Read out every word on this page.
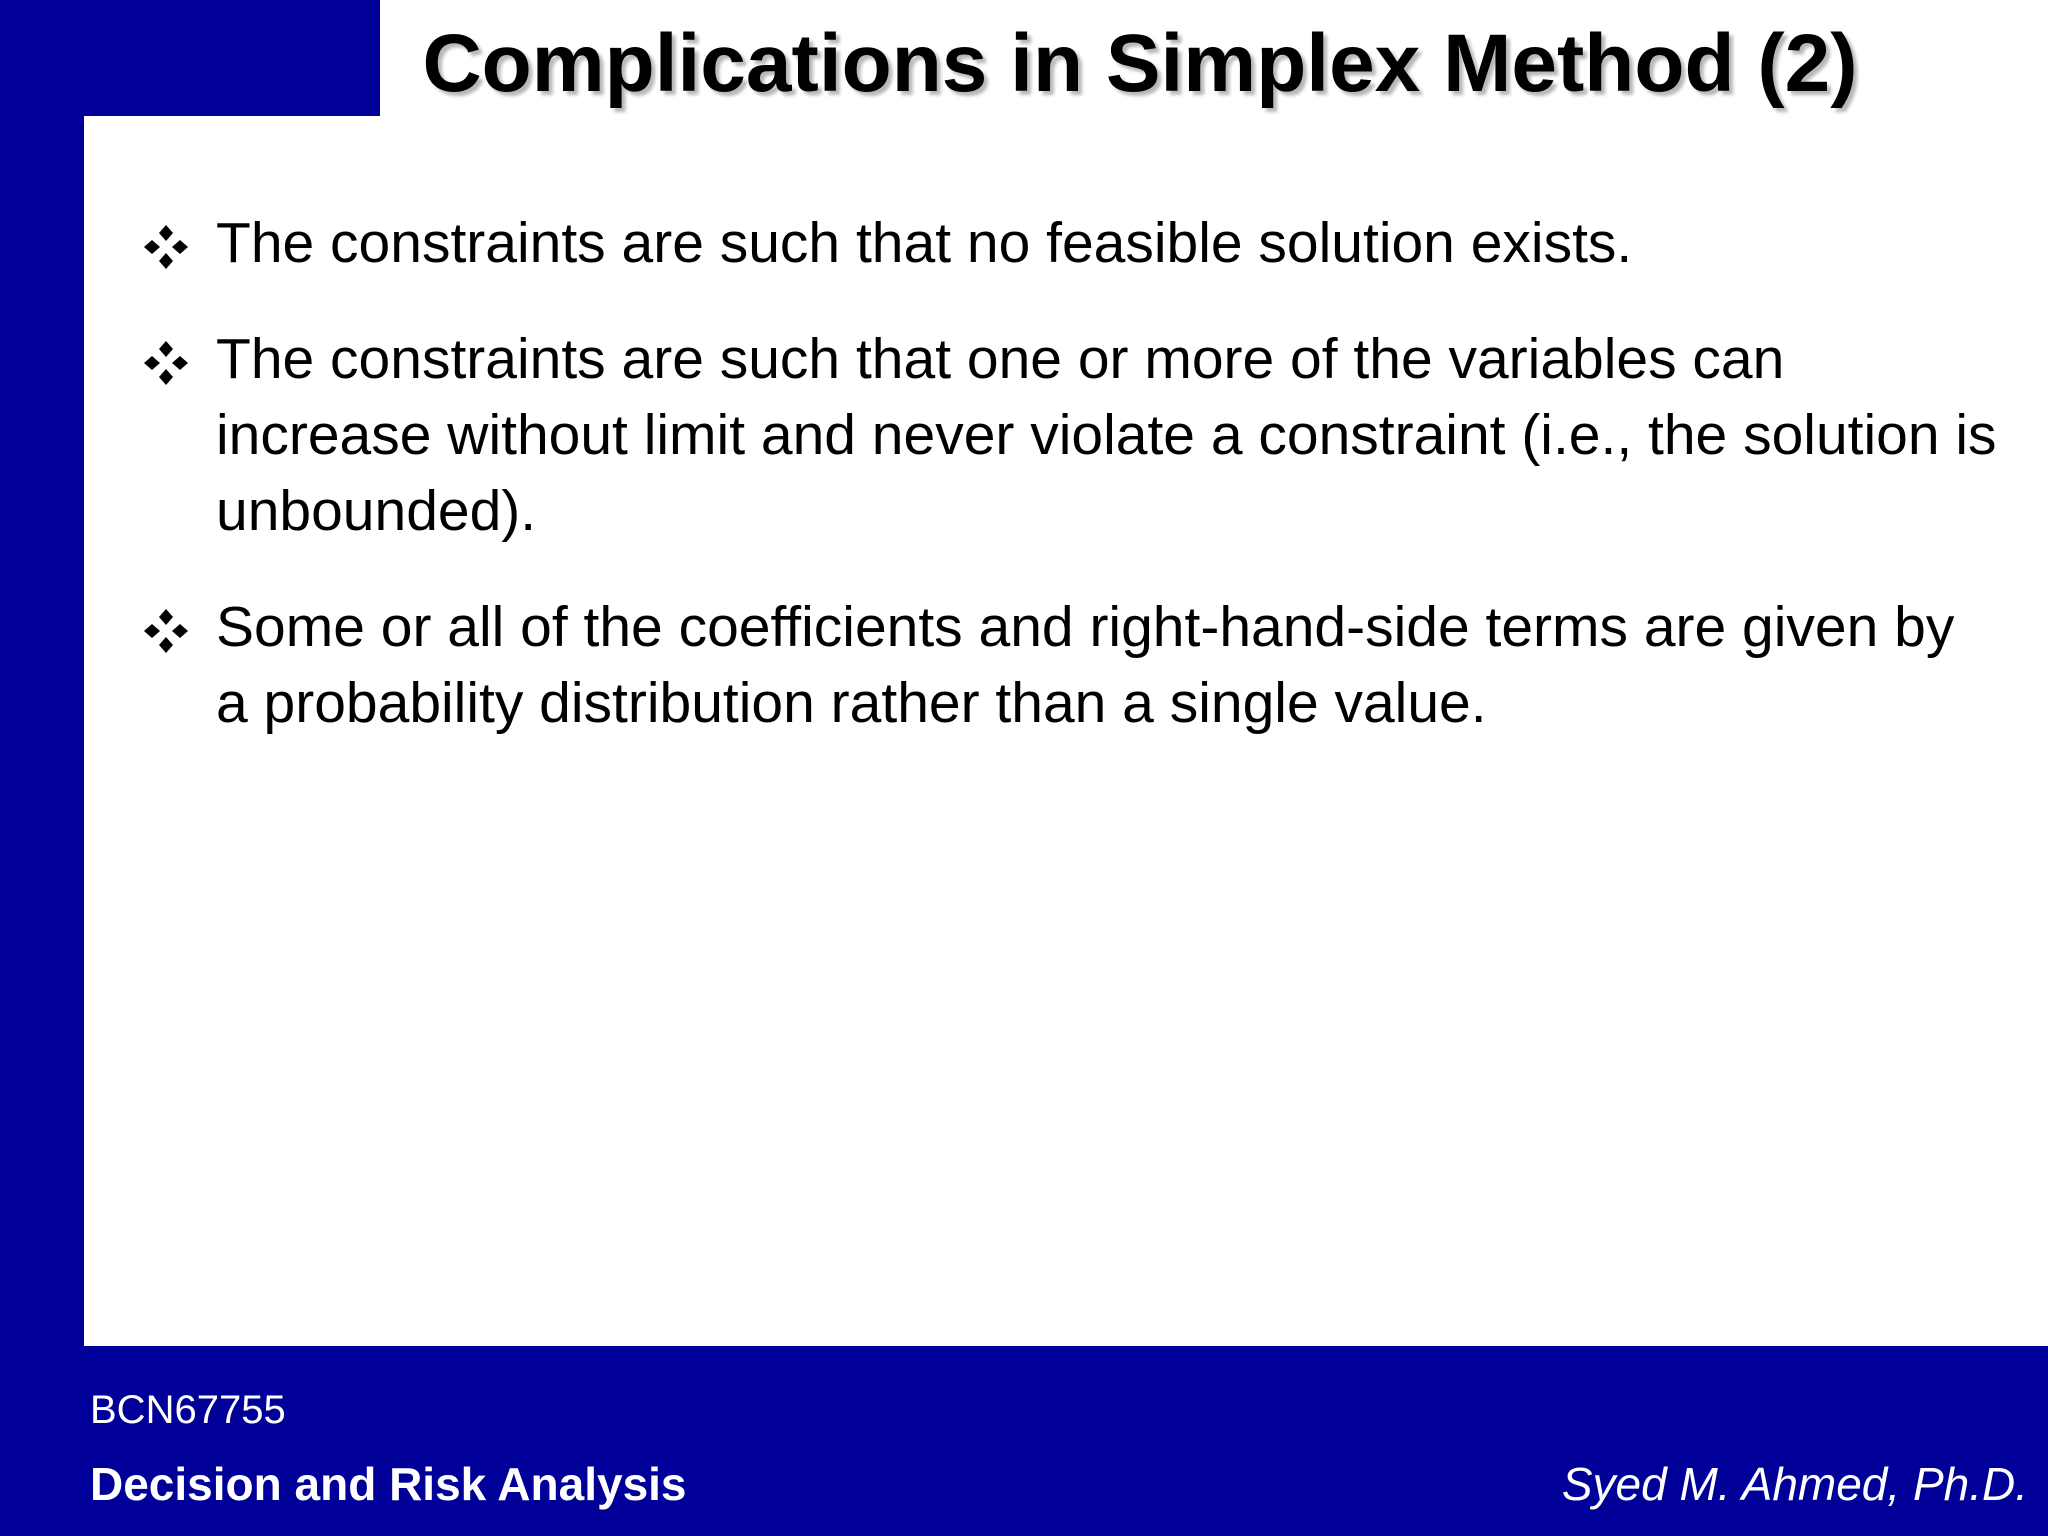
Complications in Simplex Method (2)
The constraints are such that no feasible solution exists.
The constraints are such that one or more of the variables can increase without limit and never violate a constraint (i.e., the solution is unbounded).
Some or all of the coefficients and right-hand-side terms are given by a probability distribution rather than a single value.
BCN67755
Decision and Risk Analysis	Syed M. Ahmed, Ph.D.
